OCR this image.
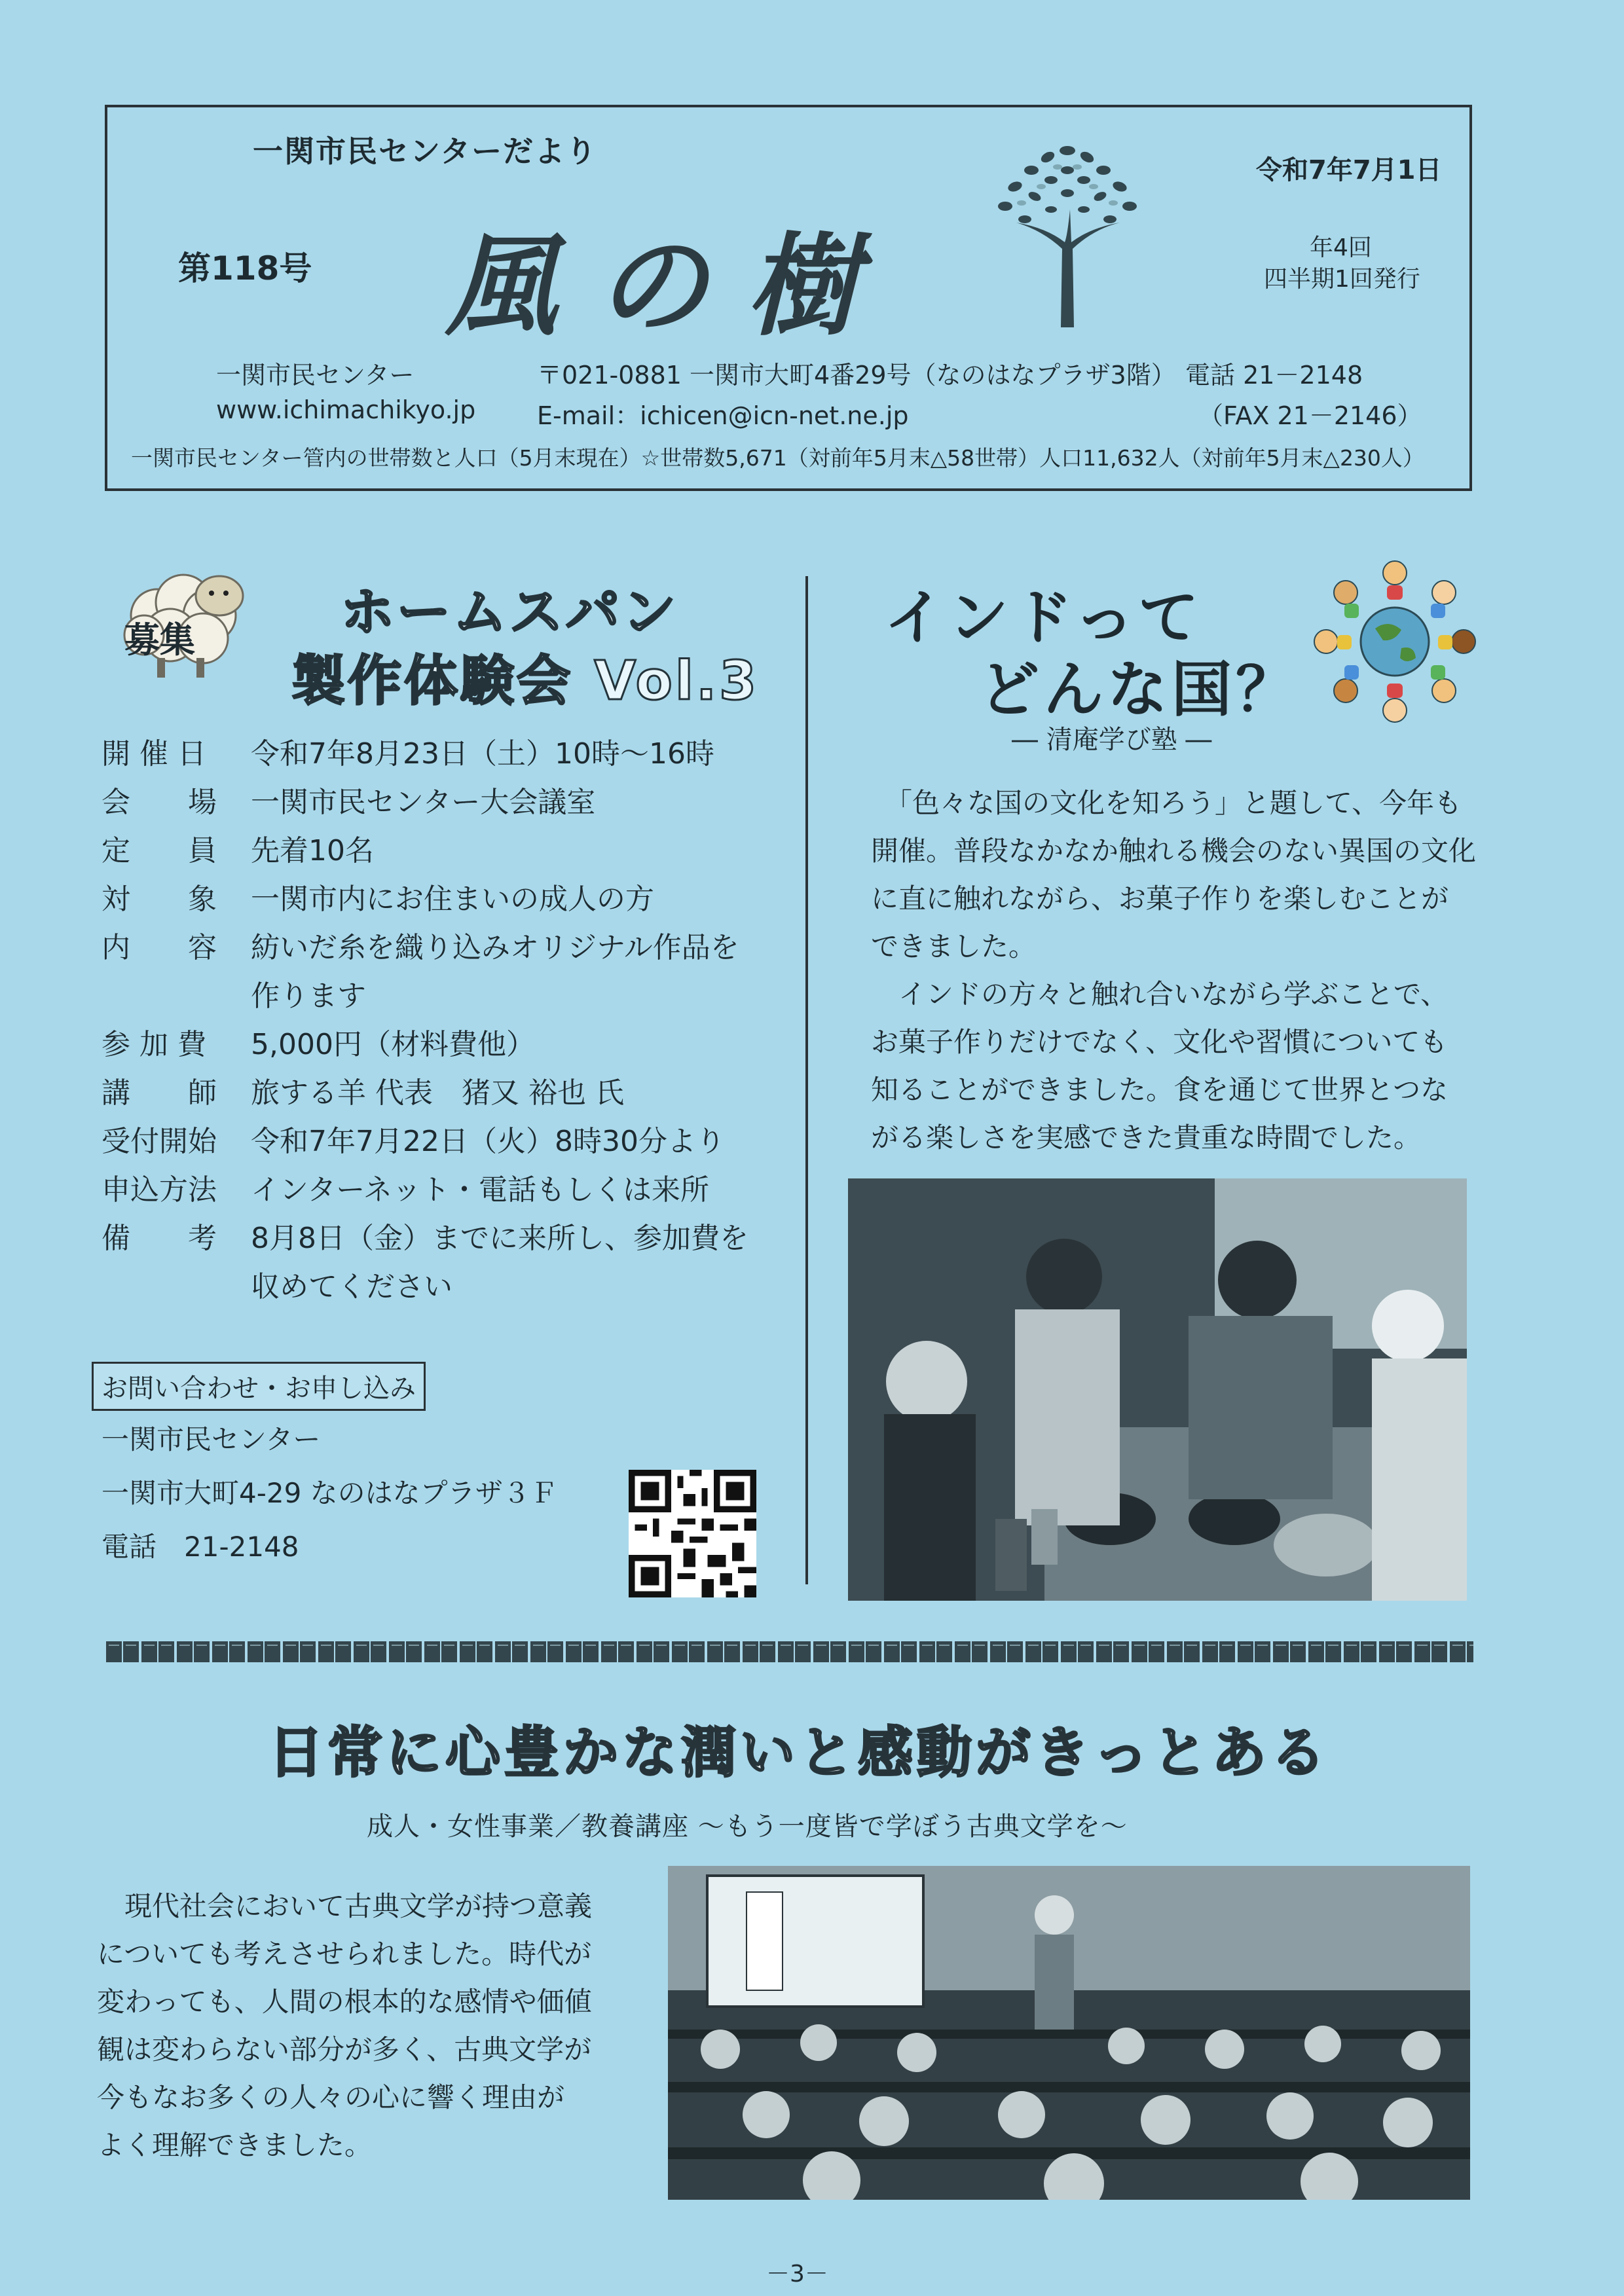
一関市民センターだより
第118号 風の樹
令和7年7月1日
年4回
四半期1回発行
一関市民センター
www.ichimachikyo.jp
〒021-0881 一関市大町4番29号（なのはなプラザ3階）
E-mail：ichicen@icn-net.ne.jp
電話 21－2148
（FAX 21－2146）
一関市民センター管内の世帯数と人口（5月末現在）☆世帯数5,671（対前年5月末△58世帯）人口11,632人（対前年5月末△230人）
募集	ホームスパン
製作体験会 Vol.3
開 催 日	令和7年8月23日（土）10時～16時
会　　場	一関市民センター大会議室
定　　員	先着10名
対　　象	一関市内にお住まいの成人の方
内　　容	紡いだ糸を織り込みオリジナル作品を
作ります
参 加 費	5,000円（材料費他）
講　　師	旅する羊 代表　猪又 裕也 氏
受付開始	令和7年7月22日（火）8時30分より
申込方法	インターネット・電話もしくは来所
備　　考	8月8日（金）までに来所し、参加費を
収めてください
お問い合わせ・お申し込み
一関市民センター
一関市大町4-29 なのはなプラザ３Ｆ
電話　21-2148
インドって
どんな国？
― 清庵学び塾 ―
　「色々な国の文化を知ろう」と題して、今年も
開催。普段なかなか触れる機会のない異国の文化
に直に触れながら、お菓子作りを楽しむことが
できました。
　インドの方々と触れ合いながら学ぶことで、
お菓子作りだけでなく、文化や習慣についても
知ることができました。食を通じて世界とつな
がる楽しさを実感できた貴重な時間でした。
日常に心豊かな潤いと感動がきっとある
成人・女性事業／教養講座 ～もう一度皆で学ぼう古典文学を～
　現代社会において古典文学が持つ意義
についても考えさせられました。時代が
変わっても、人間の根本的な感情や価値
観は変わらない部分が多く、古典文学が
今もなお多くの人々の心に響く理由が
よく理解できました。
－3－
